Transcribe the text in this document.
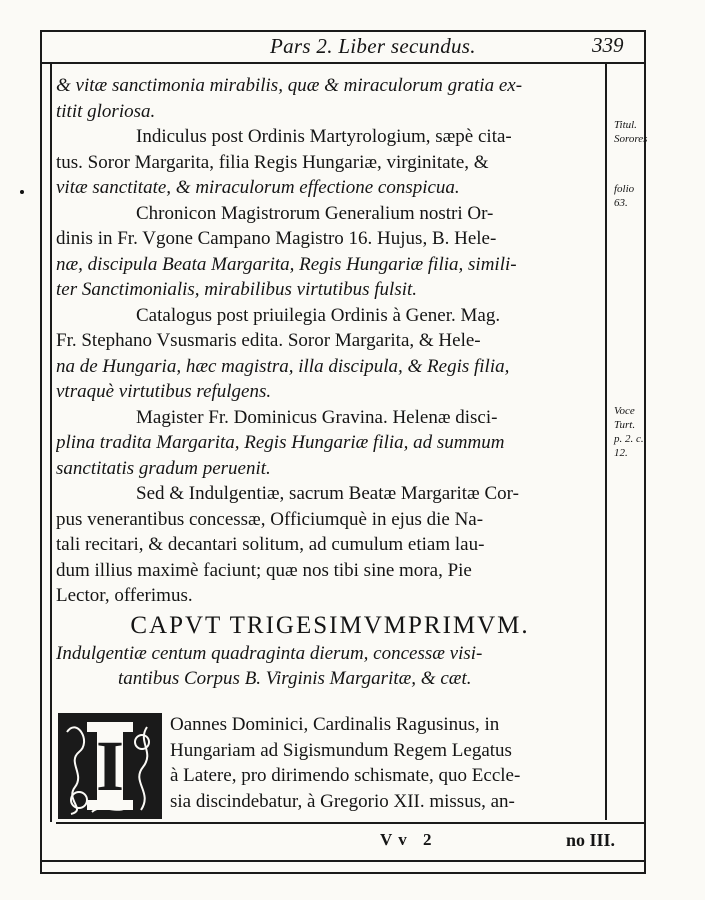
Pars 2. Liber secundus.	339
& vitæ sanctimonia mirabilis, quæ & miraculorum gratia ex-
titit gloriosa.
Indiculus post Ordinis Martyrologium, sæpè cita-
tus. Soror Margarita, filia Regis Hungariæ, virginitate, &
vitæ sanctitate, & miraculorum effectione conspicua.
Chronicon Magistrorum Generalium nostri Or-
dinis in Fr. Vgone Campano Magistro 16. Hujus, B. Hele-
næ, discipula Beata Margarita, Regis Hungariæ filia, simili-
ter Sanctimonialis, mirabilibus virtutibus fulsit.
Catalogus post priuilegia Ordinis à Gener. Mag.
Fr. Stephano Vsusmaris edita. Soror Margarita, & Hele-
na de Hungaria, hæc magistra, illa discipula, & Regis filia,
vtraquè virtutibus refulgens.
Magister Fr. Dominicus Gravina. Helenæ disci-
plina tradita Margarita, Regis Hungariæ filia, ad summum
sanctitatis gradum peruenit.
Sed & Indulgentiæ, sacrum Beatæ Margaritæ Cor-
pus venerantibus concessæ, Officiumquè in ejus die Na-
tali recitari, & decantari solitum, ad cumulum etiam lau-
dum illius maximè faciunt; quæ nos tibi sine mora, Pie
Lector, offerimus.
CAPVT TRIGESIMVMPRIMVM.
Indulgentiæ centum quadraginta dierum, concessæ visi-
tantibus Corpus B. Virginis Margaritæ, & cæt.
I
Oannes Dominici, Cardinalis Ragusinus, in
Hungariam ad Sigismundum Regem Legatus
à Latere, pro dirimendo schismate, quo Eccle-
sia discindebatur, à Gregorio XII. missus, an-
Titul.
Sorores
folio
63.
Voce
Turt.
p. 2. c.
12.
Vv 2	no III.
